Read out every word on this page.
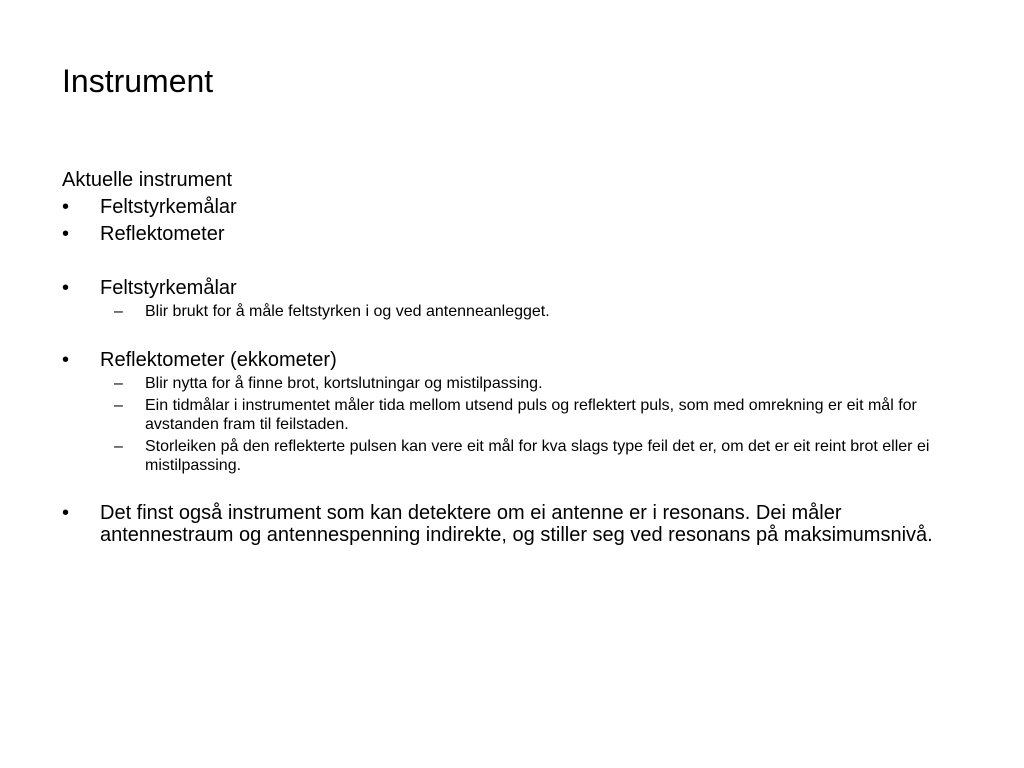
Instrument

Aktuelle instrument

•	Feltstyrkemålar
•	Reflektometer
•	Feltstyrkemålar
– Blir brukt for å måle feltstyrken i og ved antenneanlegget.
•	Reflektometer (ekkometer)
– Blir nytta for å finne brot, kortslutningar og mistilpassing.
– Ein tidmålar i instrumentet måler tida mellom utsend puls og reflektert puls, som med omrekning er eit mål for avstanden fram til feilstaden.
– Storleiken på den reflekterte pulsen kan vere eit mål for kva slags type feil det er, om det er eit reint brot eller ei mistilpassing.
•	Det finst også instrument som kan detektere om ei antenne er i resonans. Dei måler antennestraum og antennespenning indirekte, og stiller seg ved resonans på maksimumsnivå.
